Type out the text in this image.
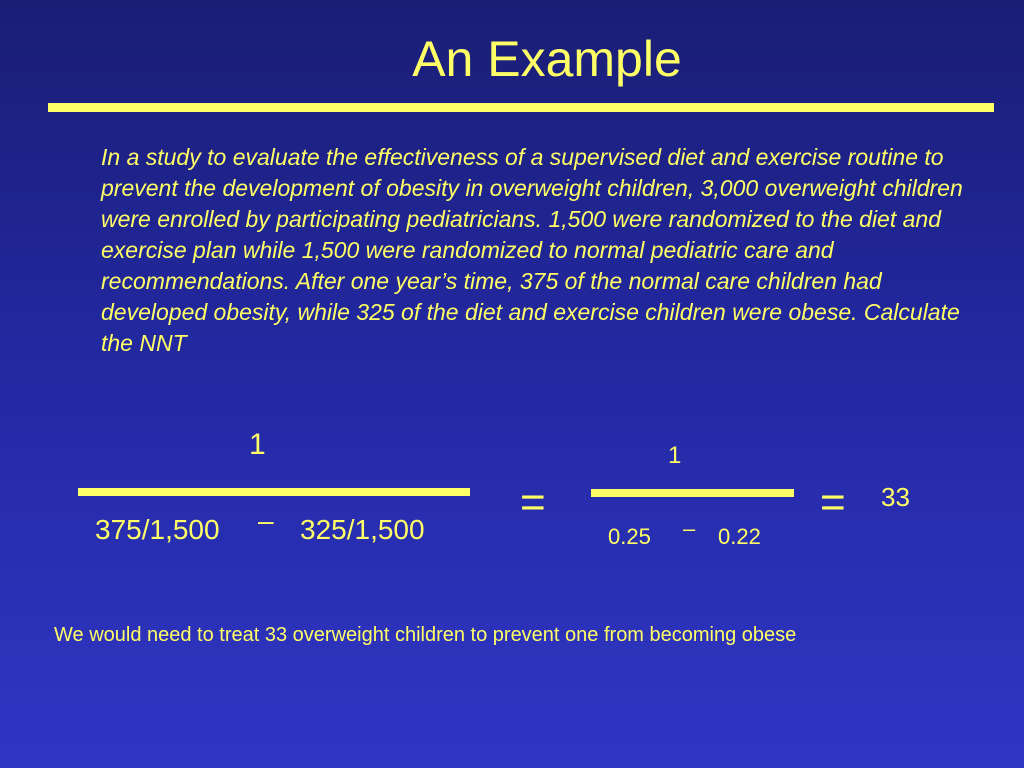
An Example

In a study to evaluate the effectiveness of a supervised diet and exercise routine to prevent the development of obesity in overweight children, 3,000 overweight children were enrolled by participating pediatricians. 1,500 were randomized to the diet and exercise plan while 1,500 were randomized to normal pediatric care and recommendations. After one year’s time, 375 of the normal care children had developed obesity, while 325 of the diet and exercise children were obese. Calculate the NNT

1
375/1,500 – 325/1,500
=
1
0.25 – 0.22
= 33
We would need to treat 33 overweight children to prevent one from becoming obese
